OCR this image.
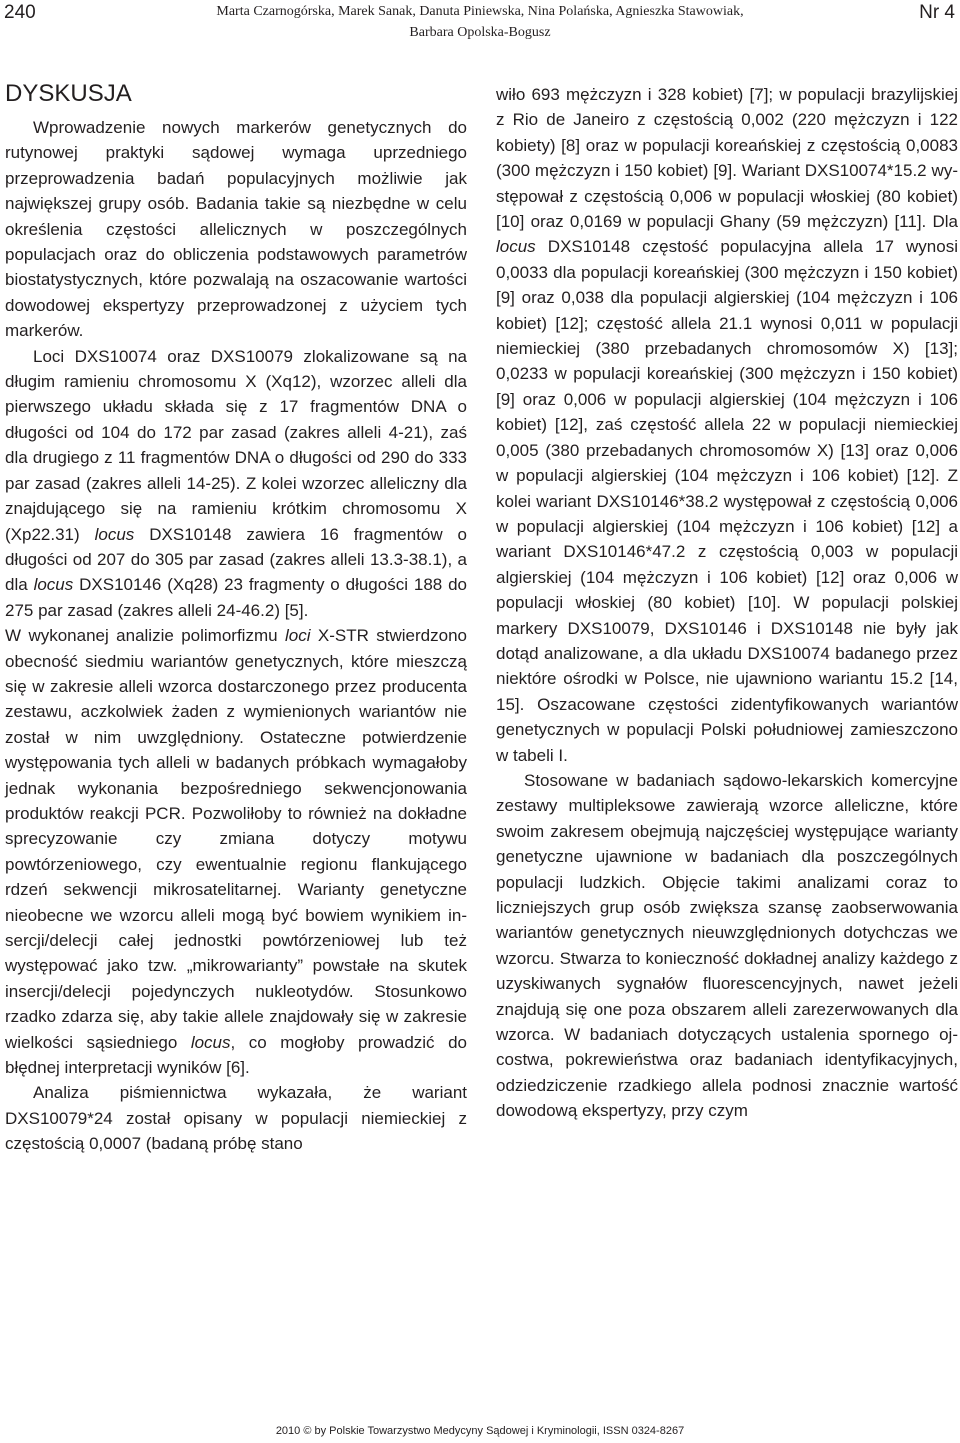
240	Marta Czarnogórska, Marek Sanak, Danuta Piniewska, Nina Polańska, Agnieszka Stawowiak,
Barbara Opolska-Bogusz
Nr 4
DYSKUSJA

Wprowadzenie nowych markerów genetycznych do rutynowej praktyki sądowej wymaga uprzedniego przeprowadzenia badań populacyjnych możliwie jak największej grupy osób. Badania takie są niezbędne w celu określenia częstości allelicznych w poszczególnych populacjach oraz do obliczenia podstawowych parametrów biostatystycznych, które pozwalają na oszacowanie wartości dowodowej ekspertyzy przeprowadzonej z użyciem tych markerów.

Loci DXS10074 oraz DXS10079 zlokalizowane są na długim ramieniu chromosomu X (Xq12), wzorzec alleli dla pierwszego układu składa się z 17 fragmentów DNA o długości od 104 do 172 par zasad (zakres alleli 4-21), zaś dla drugiego z 11 fragmentów DNA o długości od 290 do 333 par zasad (zakres alleli 14-25). Z kolei wzorzec alleliczny dla znajdującego się na ramieniu krótkim chromosomu X (Xp22.31) locus DXS10148 zawiera 16 fragmentów o długości od 207 do 305 par zasad (zakres alleli 13.3-38.1), a dla locus DXS10146 (Xq28) 23 fragmenty o długości 188 do 275 par zasad (zakres alleli 24-46.2) [5].

W wykonanej analizie polimorfizmu loci X-STR stwierdzono obecność siedmiu wariantów genetycznych, które mieszczą się w zakresie alleli wzorca dostarczonego przez producenta zestawu, aczkolwiek żaden z wymienionych wariantów nie został w nim uwzględniony. Ostateczne potwierdzenie występowania tych alleli w badanych próbkach wymagałoby jednak wykonania bezpośredniego sekwencjonowania produktów reakcji PCR. Pozwoliłoby to również na dokładne sprecyzowanie czy zmiana dotyczy motywu powtórzeniowego, czy ewentualnie regionu flankującego rdzeń sekwencji mikrosatelitarnej. Warianty genetyczne nieobecne we wzorcu alleli mogą być bowiem wynikiem insercji/delecji całej jednostki powtórzeniowej lub też występować jako tzw. „mikrowarianty” powstałe na skutek insercji/delecji pojedynczych nukleotydów. Stosunkowo rzadko zdarza się, aby takie allele znajdowały się w zakresie wielkości sąsiedniego locus, co mogłoby prowadzić do błędnej interpretacji wyników [6].

Analiza piśmiennictwa wykazała, że wariant DXS10079*24 został opisany w populacji niemieckiej z częstością 0,0007 (badaną próbę stano

wiło 693 mężczyzn i 328 kobiet) [7]; w populacji brazylijskiej z Rio de Janeiro z częstością 0,002 (220 mężczyzn i 122 kobiety) [8] oraz w populacji koreańskiej z częstością 0,0083 (300 mężczyzn i 150 kobiet) [9]. Wariant DXS10074*15.2 występował z częstością 0,006 w populacji włoskiej (80 kobiet) [10] oraz 0,0169 w populacji Ghany (59 mężczyzn) [11]. Dla locus DXS10148 częstość populacyjna allela 17 wynosi 0,0033 dla populacji koreańskiej (300 mężczyzn i 150 kobiet) [9] oraz 0,038 dla populacji algierskiej (104 mężczyzn i 106 kobiet) [12]; częstość allela 21.1 wynosi 0,011 w populacji niemieckiej (380 przebadanych chromosomów X) [13]; 0,0233 w populacji koreańskiej (300 mężczyzn i 150 kobiet) [9] oraz 0,006 w populacji algierskiej (104 mężczyzn i 106 kobiet) [12], zaś częstość allela 22 w populacji niemieckiej 0,005 (380 przebadanych chromosomów X) [13] oraz 0,006 w populacji algierskiej (104 mężczyzn i 106 kobiet) [12]. Z kolei wariant DXS10146*38.2 występował z częstością 0,006 w populacji algierskiej (104 mężczyzn i 106 kobiet) [12] a wariant DXS10146*47.2 z częstością 0,003 w populacji algierskiej (104 mężczyzn i 106 kobiet) [12] oraz 0,006 w populacji włoskiej (80 kobiet) [10]. W populacji polskiej markery DXS10079, DXS10146 i DXS10148 nie były jak dotąd analizowane, a dla układu DXS10074 badanego przez niektóre ośrodki w Polsce, nie ujawniono wariantu 15.2 [14, 15]. Oszacowane częstości zidentyfikowanych wariantów genetycznych w populacji Polski południowej zamieszczono w tabeli I.

Stosowane w badaniach sądowo-lekarskich komercyjne zestawy multipleksowe zawierają wzorce alleliczne, które swoim zakresem obejmują najczęściej występujące warianty genetyczne ujawnione w badaniach dla poszczególnych populacji ludzkich. Objęcie takimi analizami coraz to liczniejszych grup osób zwiększa szansę zaobserwowania wariantów genetycznych nieuwzględnionych dotychczas we wzorcu. Stwarza to konieczność dokładnej analizy każdego z uzyskiwanych sygnałów fluorescencyjnych, nawet jeżeli znajdują się one poza obszarem alleli zarezerwowanych dla wzorca. W badaniach dotyczących ustalenia spornego ojcostwa, pokrewieństwa oraz badaniach identyfikacyjnych, odziedziczenie rzadkiego allela podnosi znacznie wartość dowodową ekspertyzy, przy czym

2010 © by Polskie Towarzystwo Medycyny Sądowej i Kryminologii, ISSN 0324-8267
